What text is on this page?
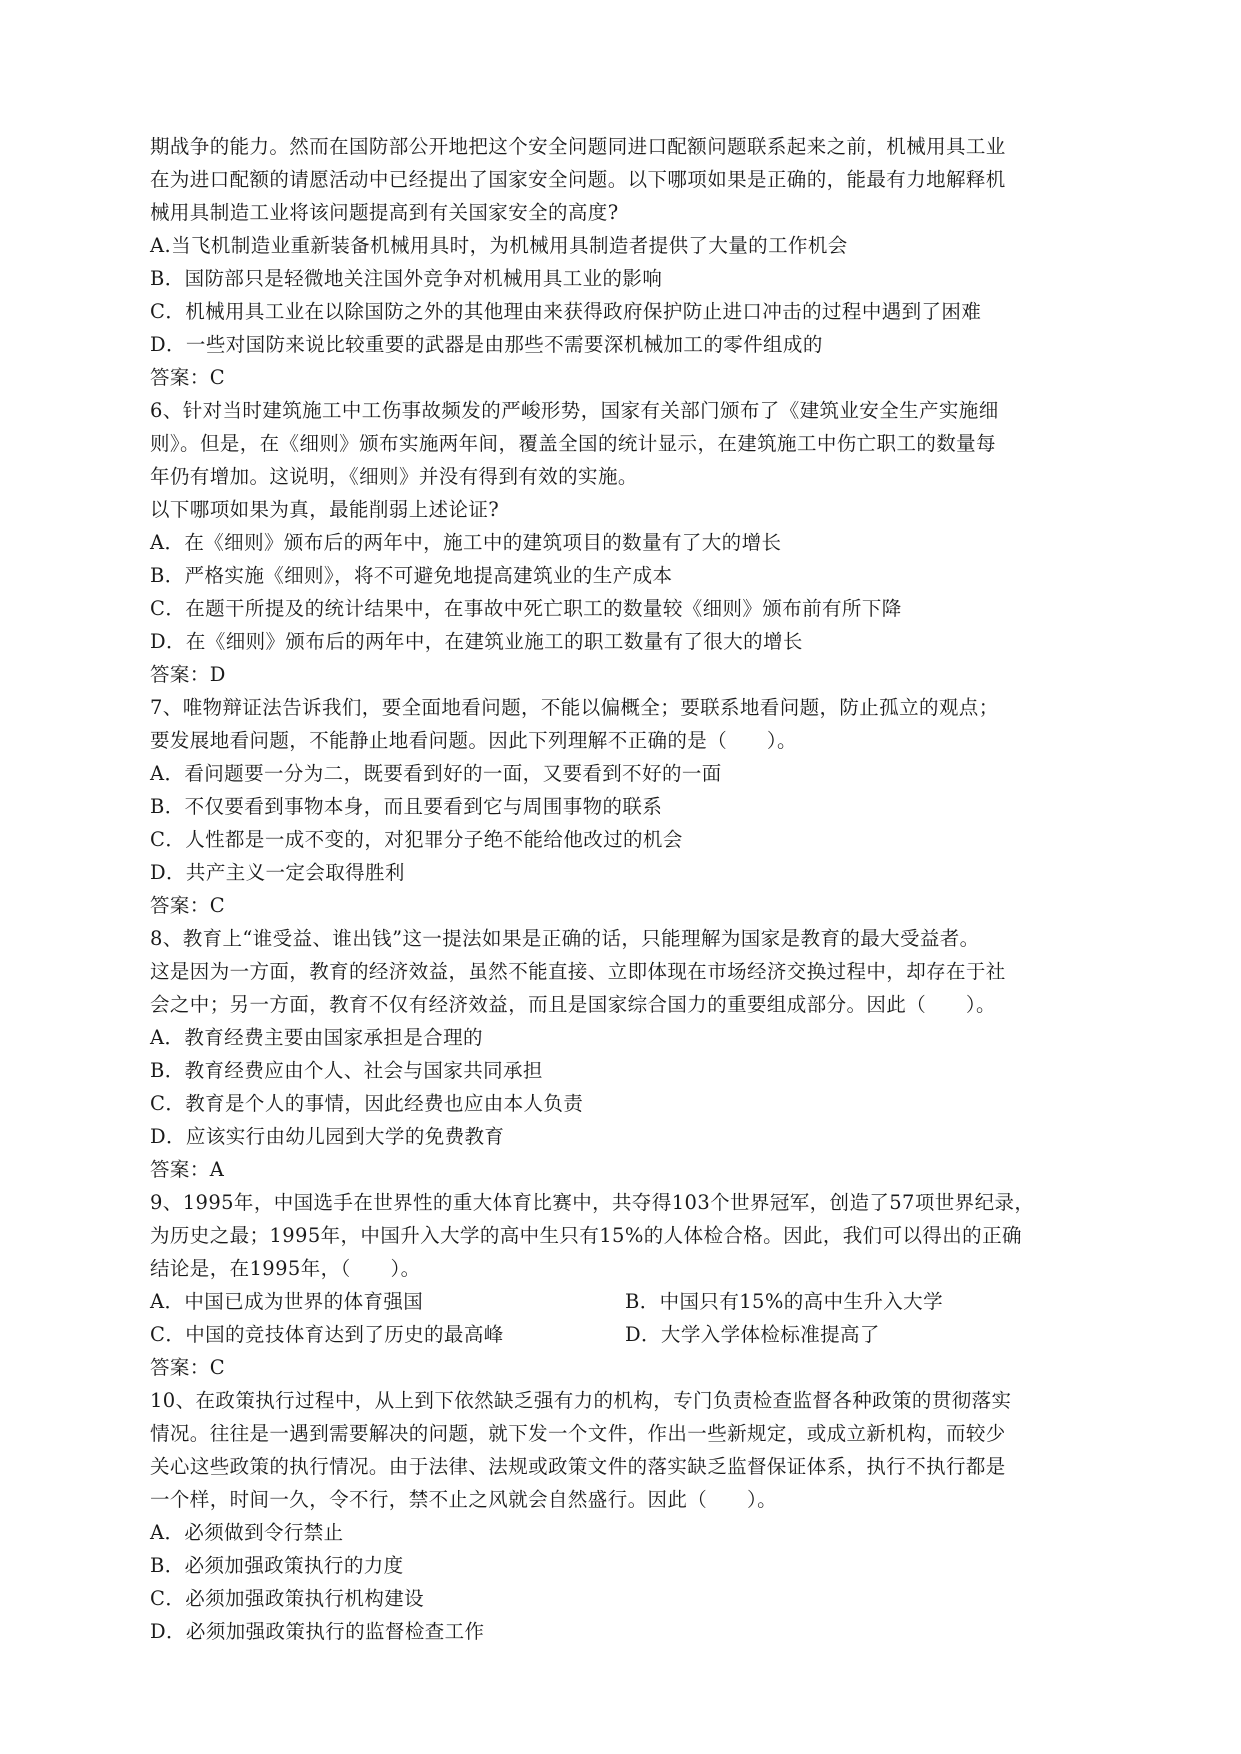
期战争的能力。然而在国防部公开地把这个安全问题同进口配额问题联系起来之前，机械用具工业
在为进口配额的请愿活动中已经提出了国家安全问题。以下哪项如果是正确的，能最有力地解释机
械用具制造工业将该问题提高到有关国家安全的高度?
A.当飞机制造业重新装备机械用具时，为机械用具制造者提供了大量的工作机会
B．国防部只是轻微地关注国外竞争对机械用具工业的影响
C．机械用具工业在以除国防之外的其他理由来获得政府保护防止进口冲击的过程中遇到了困难
D．一些对国防来说比较重要的武器是由那些不需要深机械加工的零件组成的
答案：C
6、针对当时建筑施工中工伤事故频发的严峻形势，国家有关部门颁布了《建筑业安全生产实施细
则》。但是，在《细则》颁布实施两年间，覆盖全国的统计显示，在建筑施工中伤亡职工的数量每
年仍有增加。这说明，《细则》并没有得到有效的实施。
以下哪项如果为真，最能削弱上述论证?
A．在《细则》颁布后的两年中，施工中的建筑项目的数量有了大的增长
B．严格实施《细则》，将不可避免地提高建筑业的生产成本
C．在题干所提及的统计结果中，在事故中死亡职工的数量较《细则》颁布前有所下降
D．在《细则》颁布后的两年中，在建筑业施工的职工数量有了很大的增长
答案：D
7、唯物辩证法告诉我们，要全面地看问题，不能以偏概全；要联系地看问题，防止孤立的观点；
要发展地看问题，不能静止地看问题。因此下列理解不正确的是（　　）。
A．看问题要一分为二，既要看到好的一面，又要看到不好的一面
B．不仅要看到事物本身，而且要看到它与周围事物的联系
C．人性都是一成不变的，对犯罪分子绝不能给他改过的机会
D．共产主义一定会取得胜利
答案：C
8、教育上“谁受益、谁出钱”这一提法如果是正确的话，只能理解为国家是教育的最大受益者。
这是因为一方面，教育的经济效益，虽然不能直接、立即体现在市场经济交换过程中，却存在于社
会之中；另一方面，教育不仅有经济效益，而且是国家综合国力的重要组成部分。因此（　　）。
A．教育经费主要由国家承担是合理的
B．教育经费应由个人、社会与国家共同承担
C．教育是个人的事情，因此经费也应由本人负责
D．应该实行由幼儿园到大学的免费教育
答案：A
9、1995年，中国选手在世界性的重大体育比赛中，共夺得103个世界冠军，创造了57项世界纪录，
为历史之最；1995年，中国升入大学的高中生只有15%的人体检合格。因此，我们可以得出的正确
结论是，在1995年，（　　）。
A．中国已成为世界的体育强国	B．中国只有15%的高中生升入大学
C．中国的竞技体育达到了历史的最高峰	D．大学入学体检标准提高了
答案：C
10、在政策执行过程中，从上到下依然缺乏强有力的机构，专门负责检查监督各种政策的贯彻落实
情况。往往是一遇到需要解决的问题，就下发一个文件，作出一些新规定，或成立新机构，而较少
关心这些政策的执行情况。由于法律、法规或政策文件的落实缺乏监督保证体系，执行不执行都是
一个样，时间一久，令不行，禁不止之风就会自然盛行。因此（　　）。
A．必须做到令行禁止
B．必须加强政策执行的力度
C．必须加强政策执行机构建设
D．必须加强政策执行的监督检查工作
